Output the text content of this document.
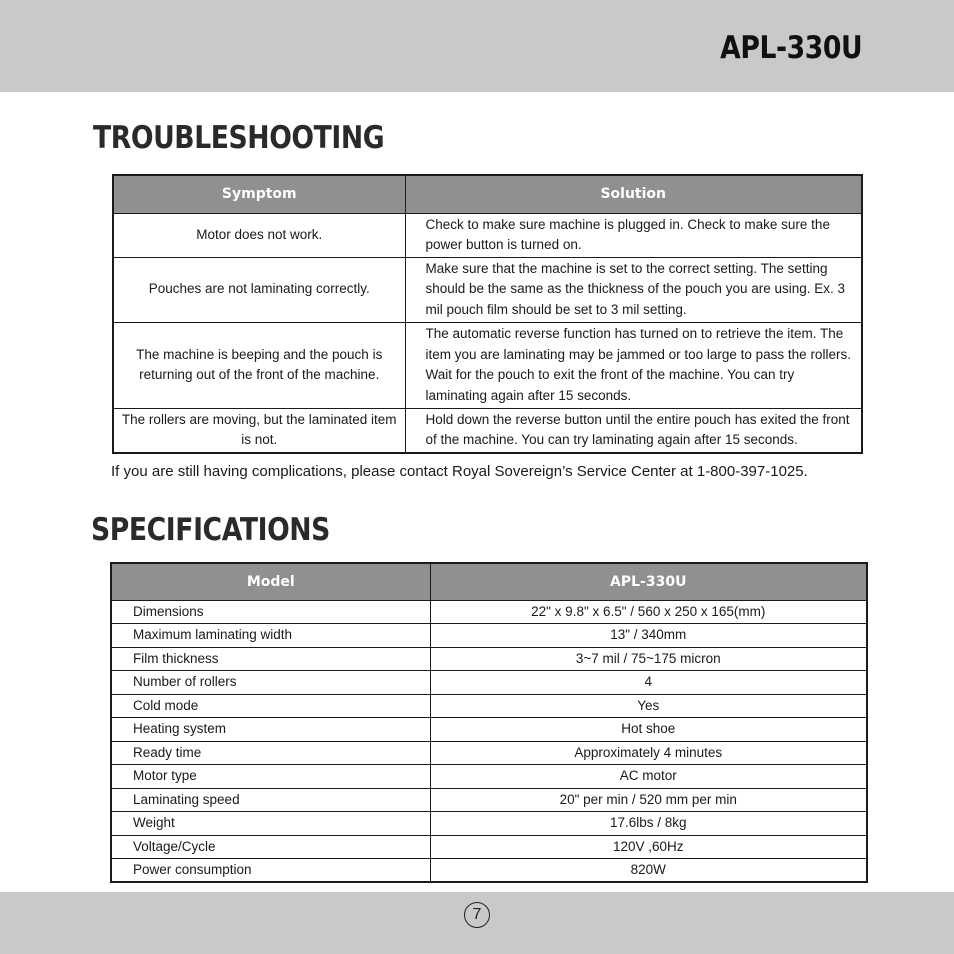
APL-330U
TROUBLESHOOTING
Symptom	Solution
Motor does not work.	Check to make sure machine is plugged in. Check to make sure the power button is turned on.
Pouches are not laminating correctly.	Make sure that the machine is set to the correct setting. The setting should be the same as the thickness of the pouch you are using. Ex. 3 mil pouch film should be set to 3 mil setting.
The machine is beeping and the pouch is returning out of the front of the machine.	The automatic reverse function has turned on to retrieve the item. The item you are laminating may be jammed or too large to pass the rollers. Wait for the pouch to exit the front of the machine. You can try laminating again after 15 seconds.
The rollers are moving, but the laminated item is not.	Hold down the reverse button until the entire pouch has exited the front of the machine. You can try laminating again after 15 seconds.
If you are still having complications, please contact Royal Sovereign’s Service Center at 1-800-397-1025.
SPECIFICATIONS
Model	APL-330U
Dimensions	22" x 9.8" x 6.5" / 560 x 250 x 165(mm)
Maximum laminating width	13" / 340mm
Film thickness	3~7 mil / 75~175 micron
Number of rollers	4
Cold mode	Yes
Heating system	Hot shoe
Ready time	Approximately 4 minutes
Motor type	AC motor
Laminating speed	20" per min / 520 mm per min
Weight	17.6lbs / 8kg
Voltage/Cycle	120V ,60Hz
Power consumption	820W
7
